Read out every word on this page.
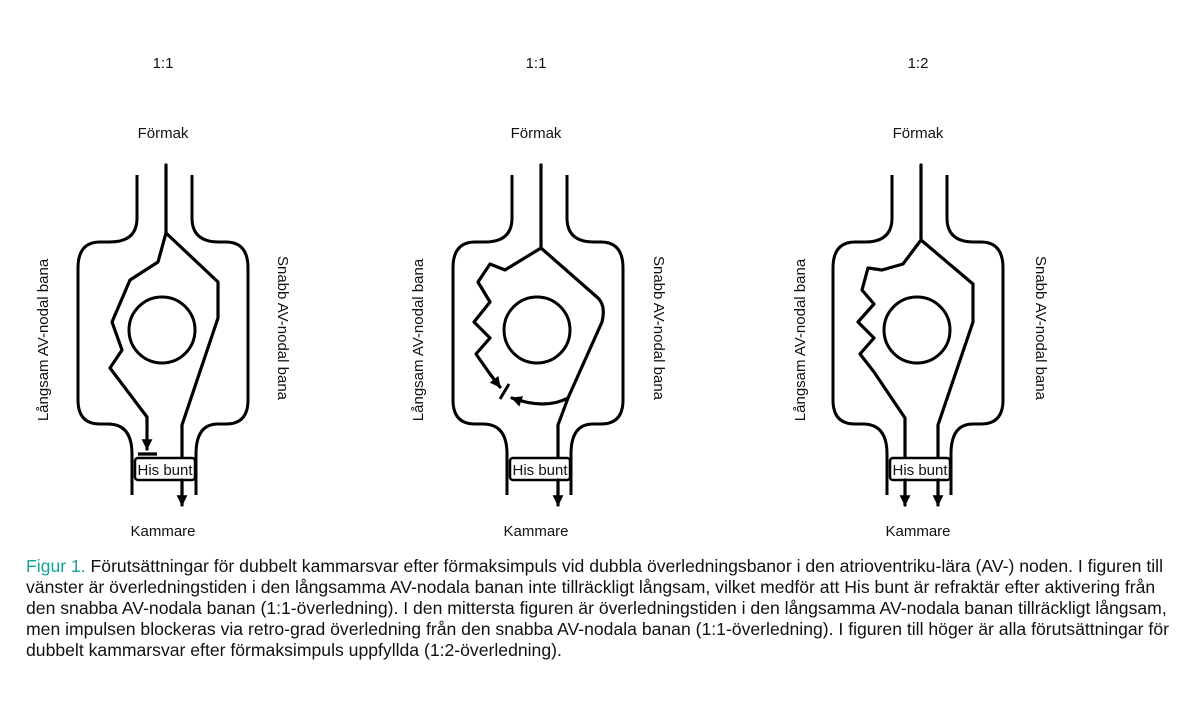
1:1
Förmak
Kammare
Långsam AV-nodal bana	Snabb AV-nodal bana
His bunt
1:1
Förmak
Kammare
Långsam AV-nodal bana	Snabb AV-nodal bana
His bunt
1:2
Förmak
Kammare
Långsam AV-nodal bana	Snabb AV-nodal bana
His bunt

Figur 1. Förutsättningar för dubbelt kammarsvar efter förmaksimpuls vid dubbla överledningsbanor i den atrioventriku-lära (AV-) noden. I figuren till vänster är överledningstiden i den långsamma AV-nodala banan inte tillräckligt långsam, vilket medför att His bunt är refraktär efter aktivering från den snabba AV-nodala banan (1:1-överledning). I den mittersta figuren är överledningstiden i den långsamma AV-nodala banan tillräckligt långsam, men impulsen blockeras via retro-grad överledning från den snabba AV-nodala banan (1:1-överledning). I figuren till höger är alla förutsättningar för dubbelt kammarsvar efter förmaksimpuls uppfyllda (1:2-överledning).
